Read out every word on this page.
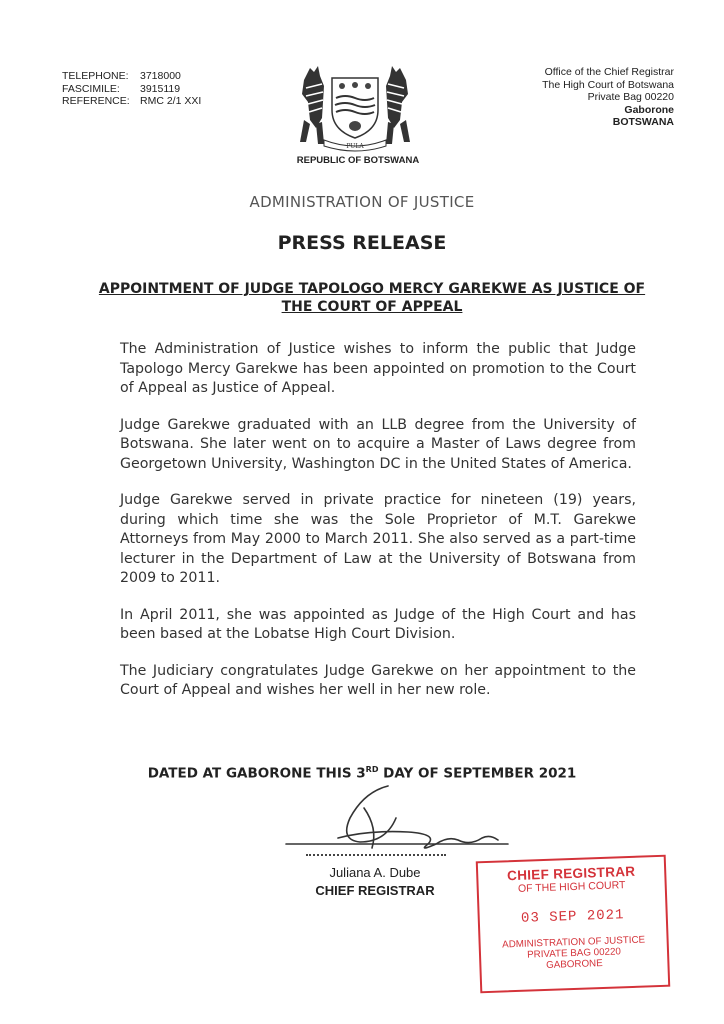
TELEPHONE:	3718000
FASCIMILE:	3915119
REFERENCE: RMC 2/1 XXI
PULA
REPUBLIC OF BOTSWANA
Office of the Chief Registrar
The High Court of Botswana
Private Bag 00220
Gaborone
BOTSWANA
ADMINISTRATION OF JUSTICE
PRESS RELEASE
APPOINTMENT OF JUDGE TAPOLOGO MERCY GAREKWE AS JUSTICE OF THE COURT OF APPEAL

The Administration of Justice wishes to inform the public that Judge Tapologo Mercy Garekwe has been appointed on promotion to the Court of Appeal as Justice of Appeal.

Judge Garekwe graduated with an LLB degree from the University of Botswana. She later went on to acquire a Master of Laws degree from Georgetown University, Washington DC in the United States of America.

Judge Garekwe served in private practice for nineteen (19) years, during which time she was the Sole Proprietor of M.T. Garekwe Attorneys from May 2000 to March 2011. She also served as a part-time lecturer in the Department of Law at the University of Botswana from 2009 to 2011.

In April 2011, she was appointed as Judge of the High Court and has been based at the Lobatse High Court Division.

The Judiciary congratulates Judge Garekwe on her appointment to the Court of Appeal and wishes her well in her new role.

DATED AT GABORONE THIS 3RD DAY OF SEPTEMBER 2021
Juliana A. Dube
CHIEF REGISTRAR
CHIEF REGISTRAR
OF THE HIGH COURT
03 SEP 2021
ADMINISTRATION OF JUSTICE
PRIVATE BAG 00220
GABORONE
